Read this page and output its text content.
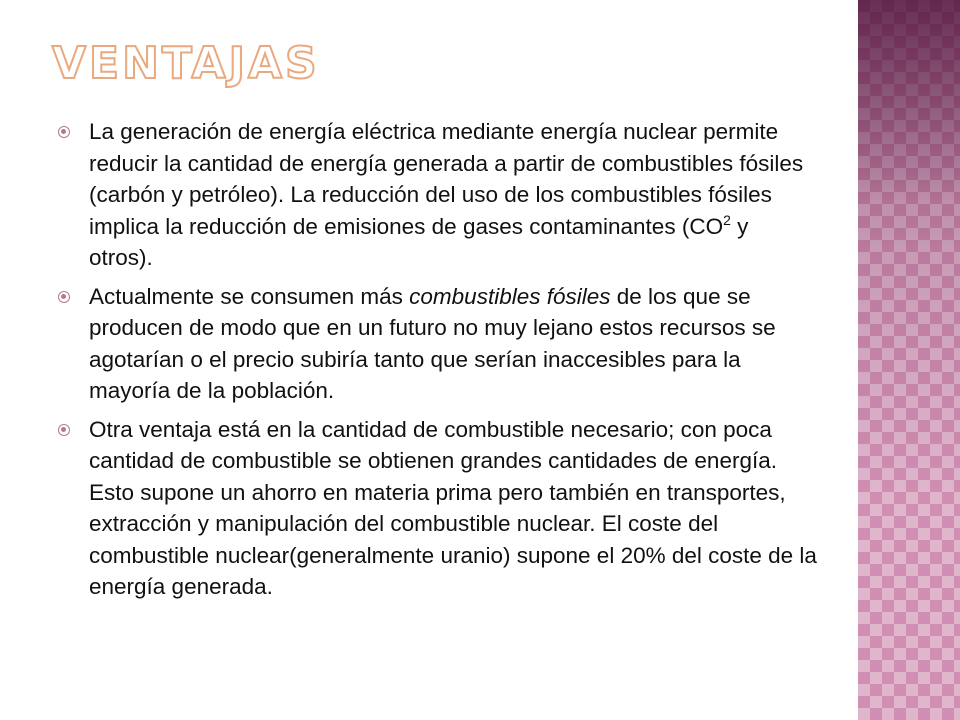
VENTAJAS
La generación de energía eléctrica mediante energía nuclear permite reducir la cantidad de energía generada a partir de combustibles fósiles (carbón y petróleo). La reducción del uso de los combustibles fósiles implica la reducción de emisiones de gases contaminantes ($CO^2$ y otros).
Actualmente se consumen más combustibles fósiles de los que se producen de modo que en un futuro no muy lejano estos recursos se agotarían o el precio subiría tanto que serían inaccesibles para la mayoría de la población.
Otra ventaja está en la cantidad de combustible necesario; con poca cantidad de combustible se obtienen grandes cantidades de energía. Esto supone un ahorro en materia prima pero también en transportes, extracción y manipulación del combustible nuclear. El coste del combustible nuclear(generalmente uranio) supone el 20% del coste de la energía generada.
